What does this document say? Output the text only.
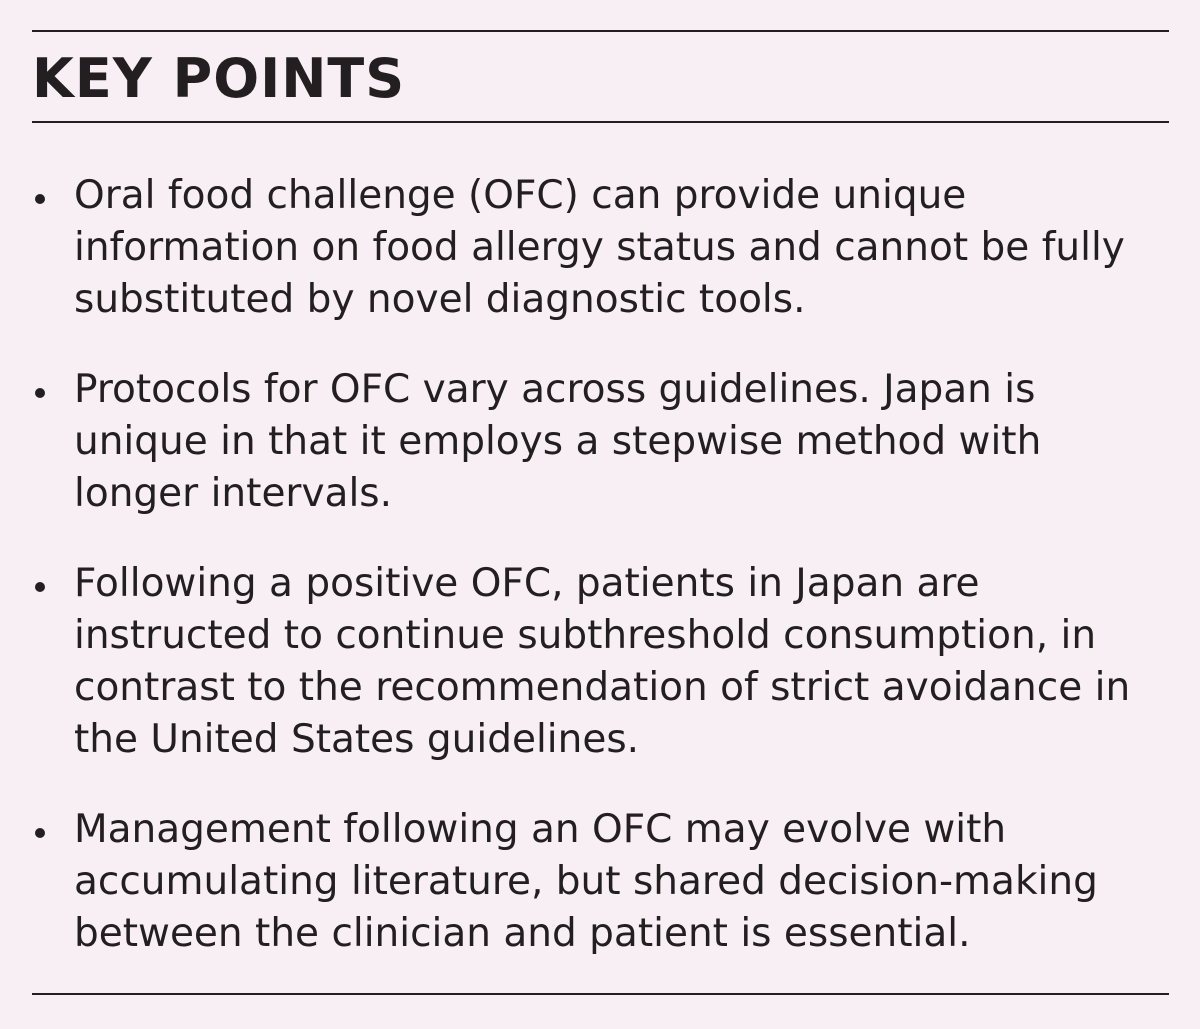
KEY POINTS
Oral food challenge (OFC) can provide unique information on food allergy status and cannot be fully substituted by novel diagnostic tools.
Protocols for OFC vary across guidelines. Japan is unique in that it employs a stepwise method with longer intervals.
Following a positive OFC, patients in Japan are instructed to continue subthreshold consumption, in contrast to the recommendation of strict avoidance in the United States guidelines.
Management following an OFC may evolve with accumulating literature, but shared decision-making between the clinician and patient is essential.
